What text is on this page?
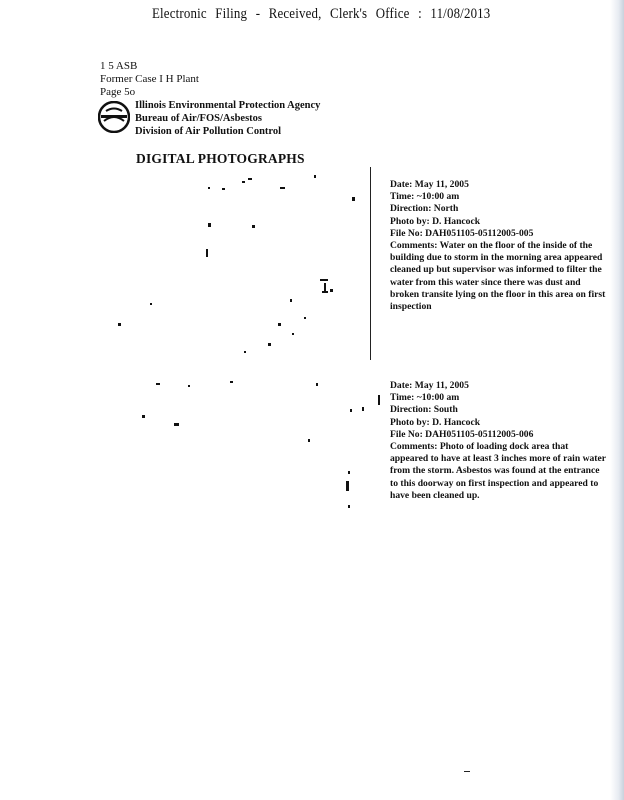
Electronic Filing - Received, Clerk's Office : 11/08/2013
1 5 ASB
Former Case I H Plant
Page 5o
Illinois Environmental Protection Agency
Bureau of Air/FOS/Asbestos
Division of Air Pollution Control
DIGITAL PHOTOGRAPHS
Date: May 11, 2005
Time: ~10:00 am
Direction: North
Photo by: D. Hancock
File No: DAH051105-05112005-005
Comments: Water on the floor of the inside of the building due to storm in the morning area appeared cleaned up but supervisor was informed to filter the water from this water since there was dust and broken transite lying on the floor in this area on first inspection
Date: May 11, 2005
Time: ~10:00 am
Direction: South
Photo by: D. Hancock
File No: DAH051105-05112005-006
Comments: Photo of loading dock area that appeared to have at least 3 inches more of rain water from the storm. Asbestos was found at the entrance to this doorway on first inspection and appeared to have been cleaned up.
